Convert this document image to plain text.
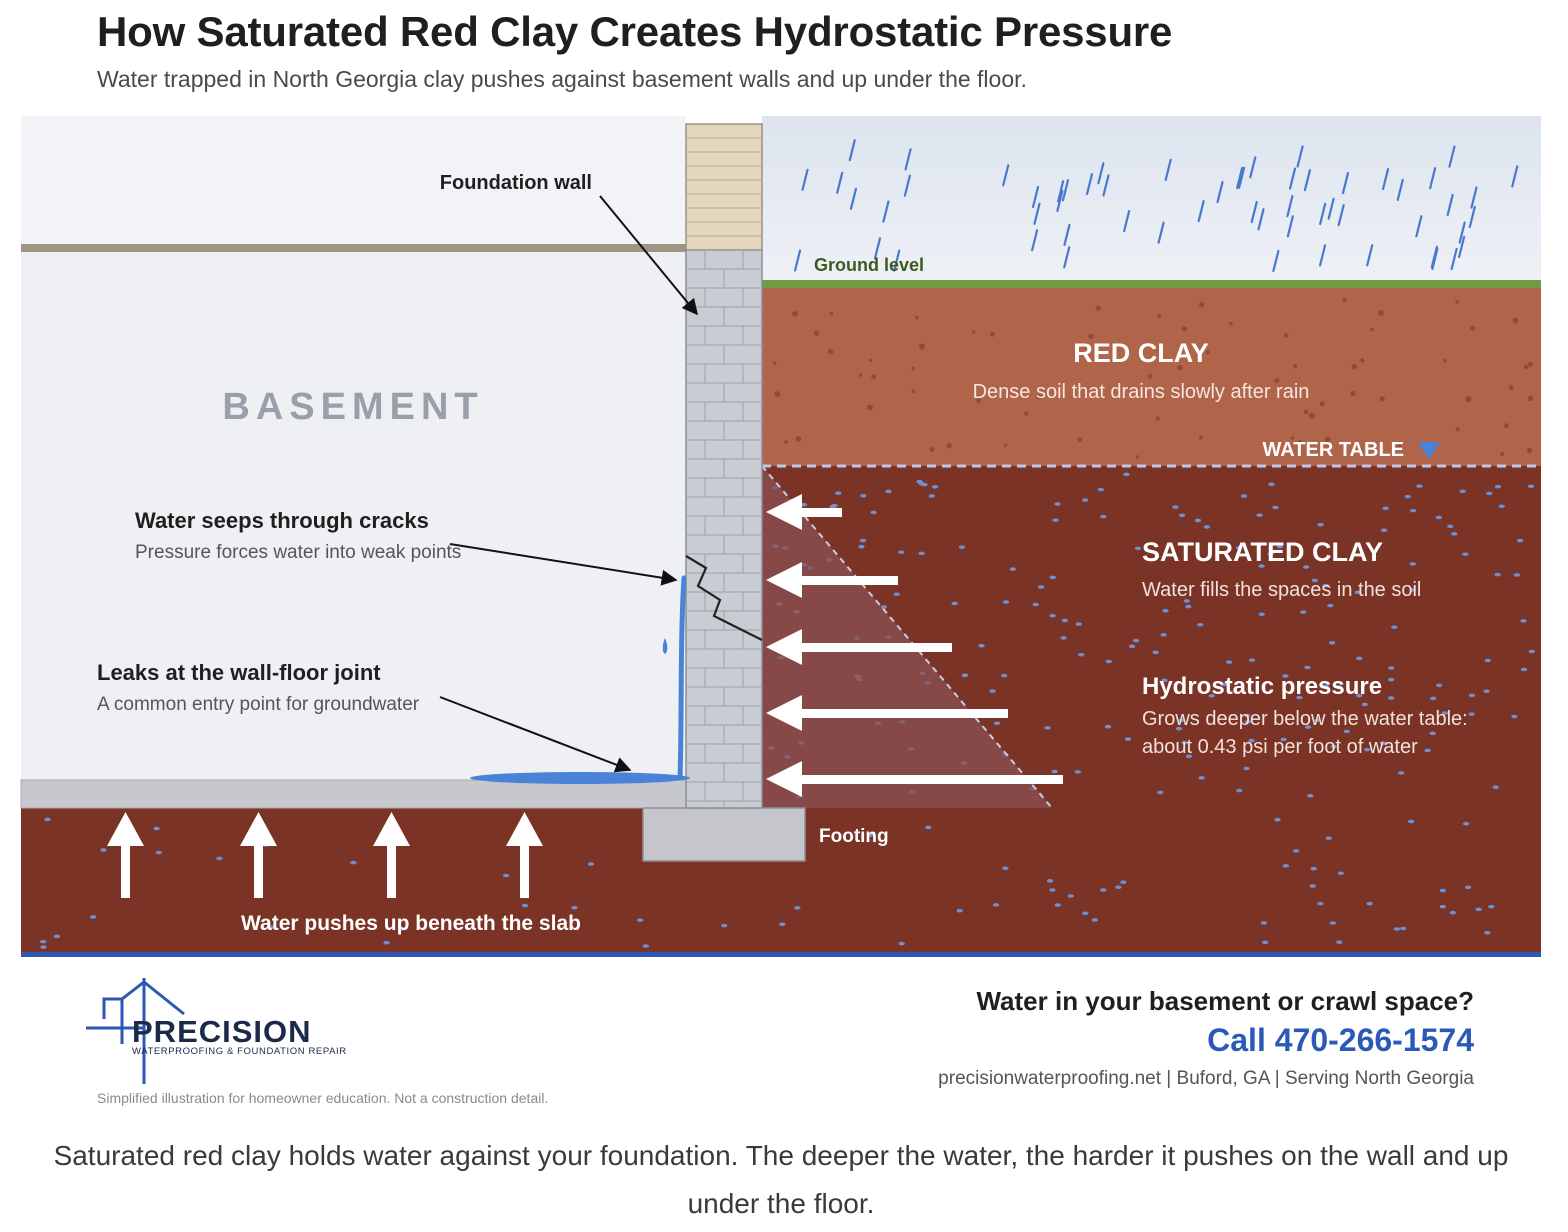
How Saturated Red Clay Creates Hydrostatic Pressure
Water trapped in North Georgia clay pushes against basement walls and up under the floor.
BASEMENT
Foundation wall
Ground level
RED CLAY
Dense soil that drains slowly after rain
WATER TABLE
SATURATED CLAY
Water fills the spaces in the soil
Hydrostatic pressure
Grows deeper below the water table:
about 0.43 psi per foot of water
Water seeps through cracks
Pressure forces water into weak points
Leaks at the wall-floor joint
A common entry point for groundwater
Footing
Water pushes up beneath the slab
PRECISION
WATERPROOFING & FOUNDATION REPAIR
Water in your basement or crawl space?
Call 470-266-1574
precisionwaterproofing.net | Buford, GA | Serving North Georgia
Simplified illustration for homeowner education. Not a construction detail.
Saturated red clay holds water against your foundation. The deeper the water, the harder it pushes on the wall and up under the floor.
